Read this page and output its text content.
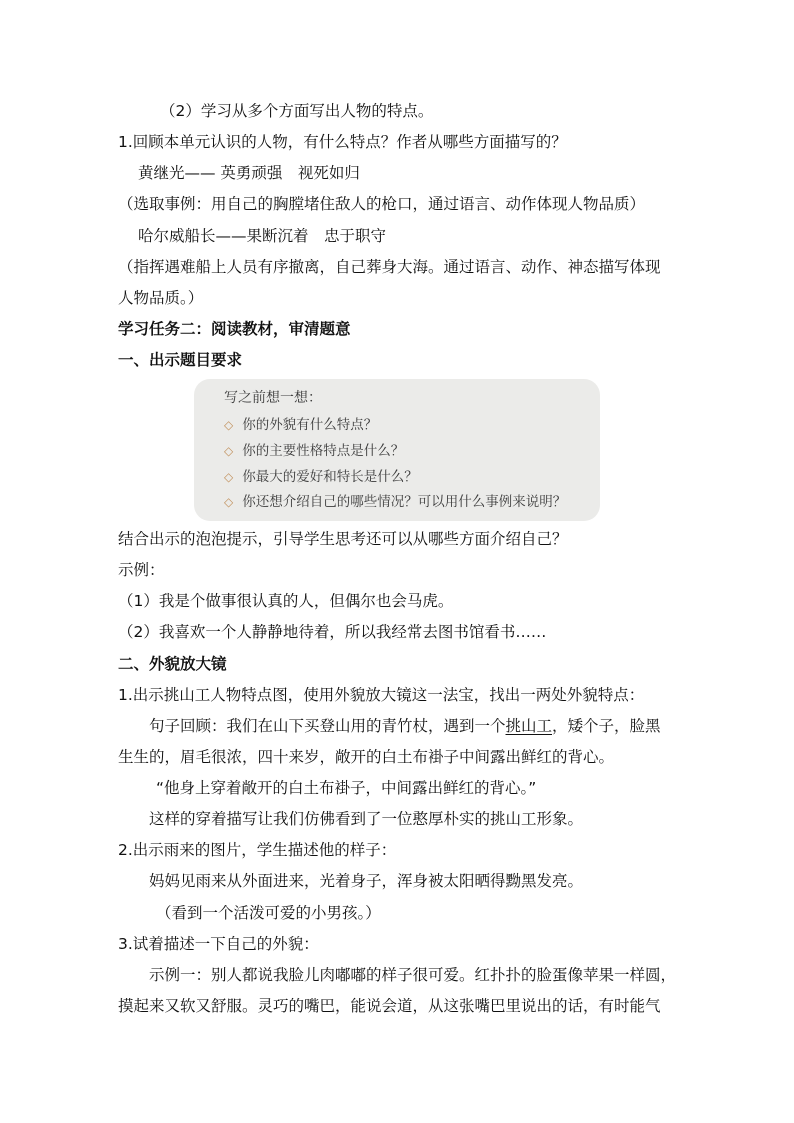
（2）学习从多个方面写出人物的特点。
1.回顾本单元认识的人物，有什么特点？作者从哪些方面描写的？
黄继光—— 英勇顽强　视死如归
（选取事例：用自己的胸膛堵住敌人的枪口，通过语言、动作体现人物品质）
哈尔威船长——果断沉着　忠于职守
（指挥遇难船上人员有序撤离，自己葬身大海。通过语言、动作、神态描写体现
人物品质。）
学习任务二：阅读教材，审清题意
一、出示题目要求
写之前想一想：
◇ 你的外貌有什么特点？
◇ 你的主要性格特点是什么？
◇ 你最大的爱好和特长是什么？
◇ 你还想介绍自己的哪些情况？可以用什么事例来说明？
结合出示的泡泡提示，引导学生思考还可以从哪些方面介绍自己？
示例：
（1）我是个做事很认真的人，但偶尔也会马虎。
（2）我喜欢一个人静静地待着，所以我经常去图书馆看书……
二、外貌放大镜
1.出示挑山工人物特点图，使用外貌放大镜这一法宝，找出一两处外貌特点：
句子回顾：我们在山下买登山用的青竹杖，遇到一个挑山工，矮个子，脸黑
生生的，眉毛很浓，四十来岁，敞开的白土布褂子中间露出鲜红的背心。
“他身上穿着敞开的白土布褂子，中间露出鲜红的背心。”
这样的穿着描写让我们仿佛看到了一位憨厚朴实的挑山工形象。
2.出示雨来的图片，学生描述他的样子：
妈妈见雨来从外面进来，光着身子，浑身被太阳晒得黝黑发亮。
（看到一个活泼可爱的小男孩。）
3.试着描述一下自己的外貌：
示例一：别人都说我脸儿肉嘟嘟的样子很可爱。红扑扑的脸蛋像苹果一样圆，
摸起来又软又舒服。灵巧的嘴巴，能说会道，从这张嘴巴里说出的话，有时能气
